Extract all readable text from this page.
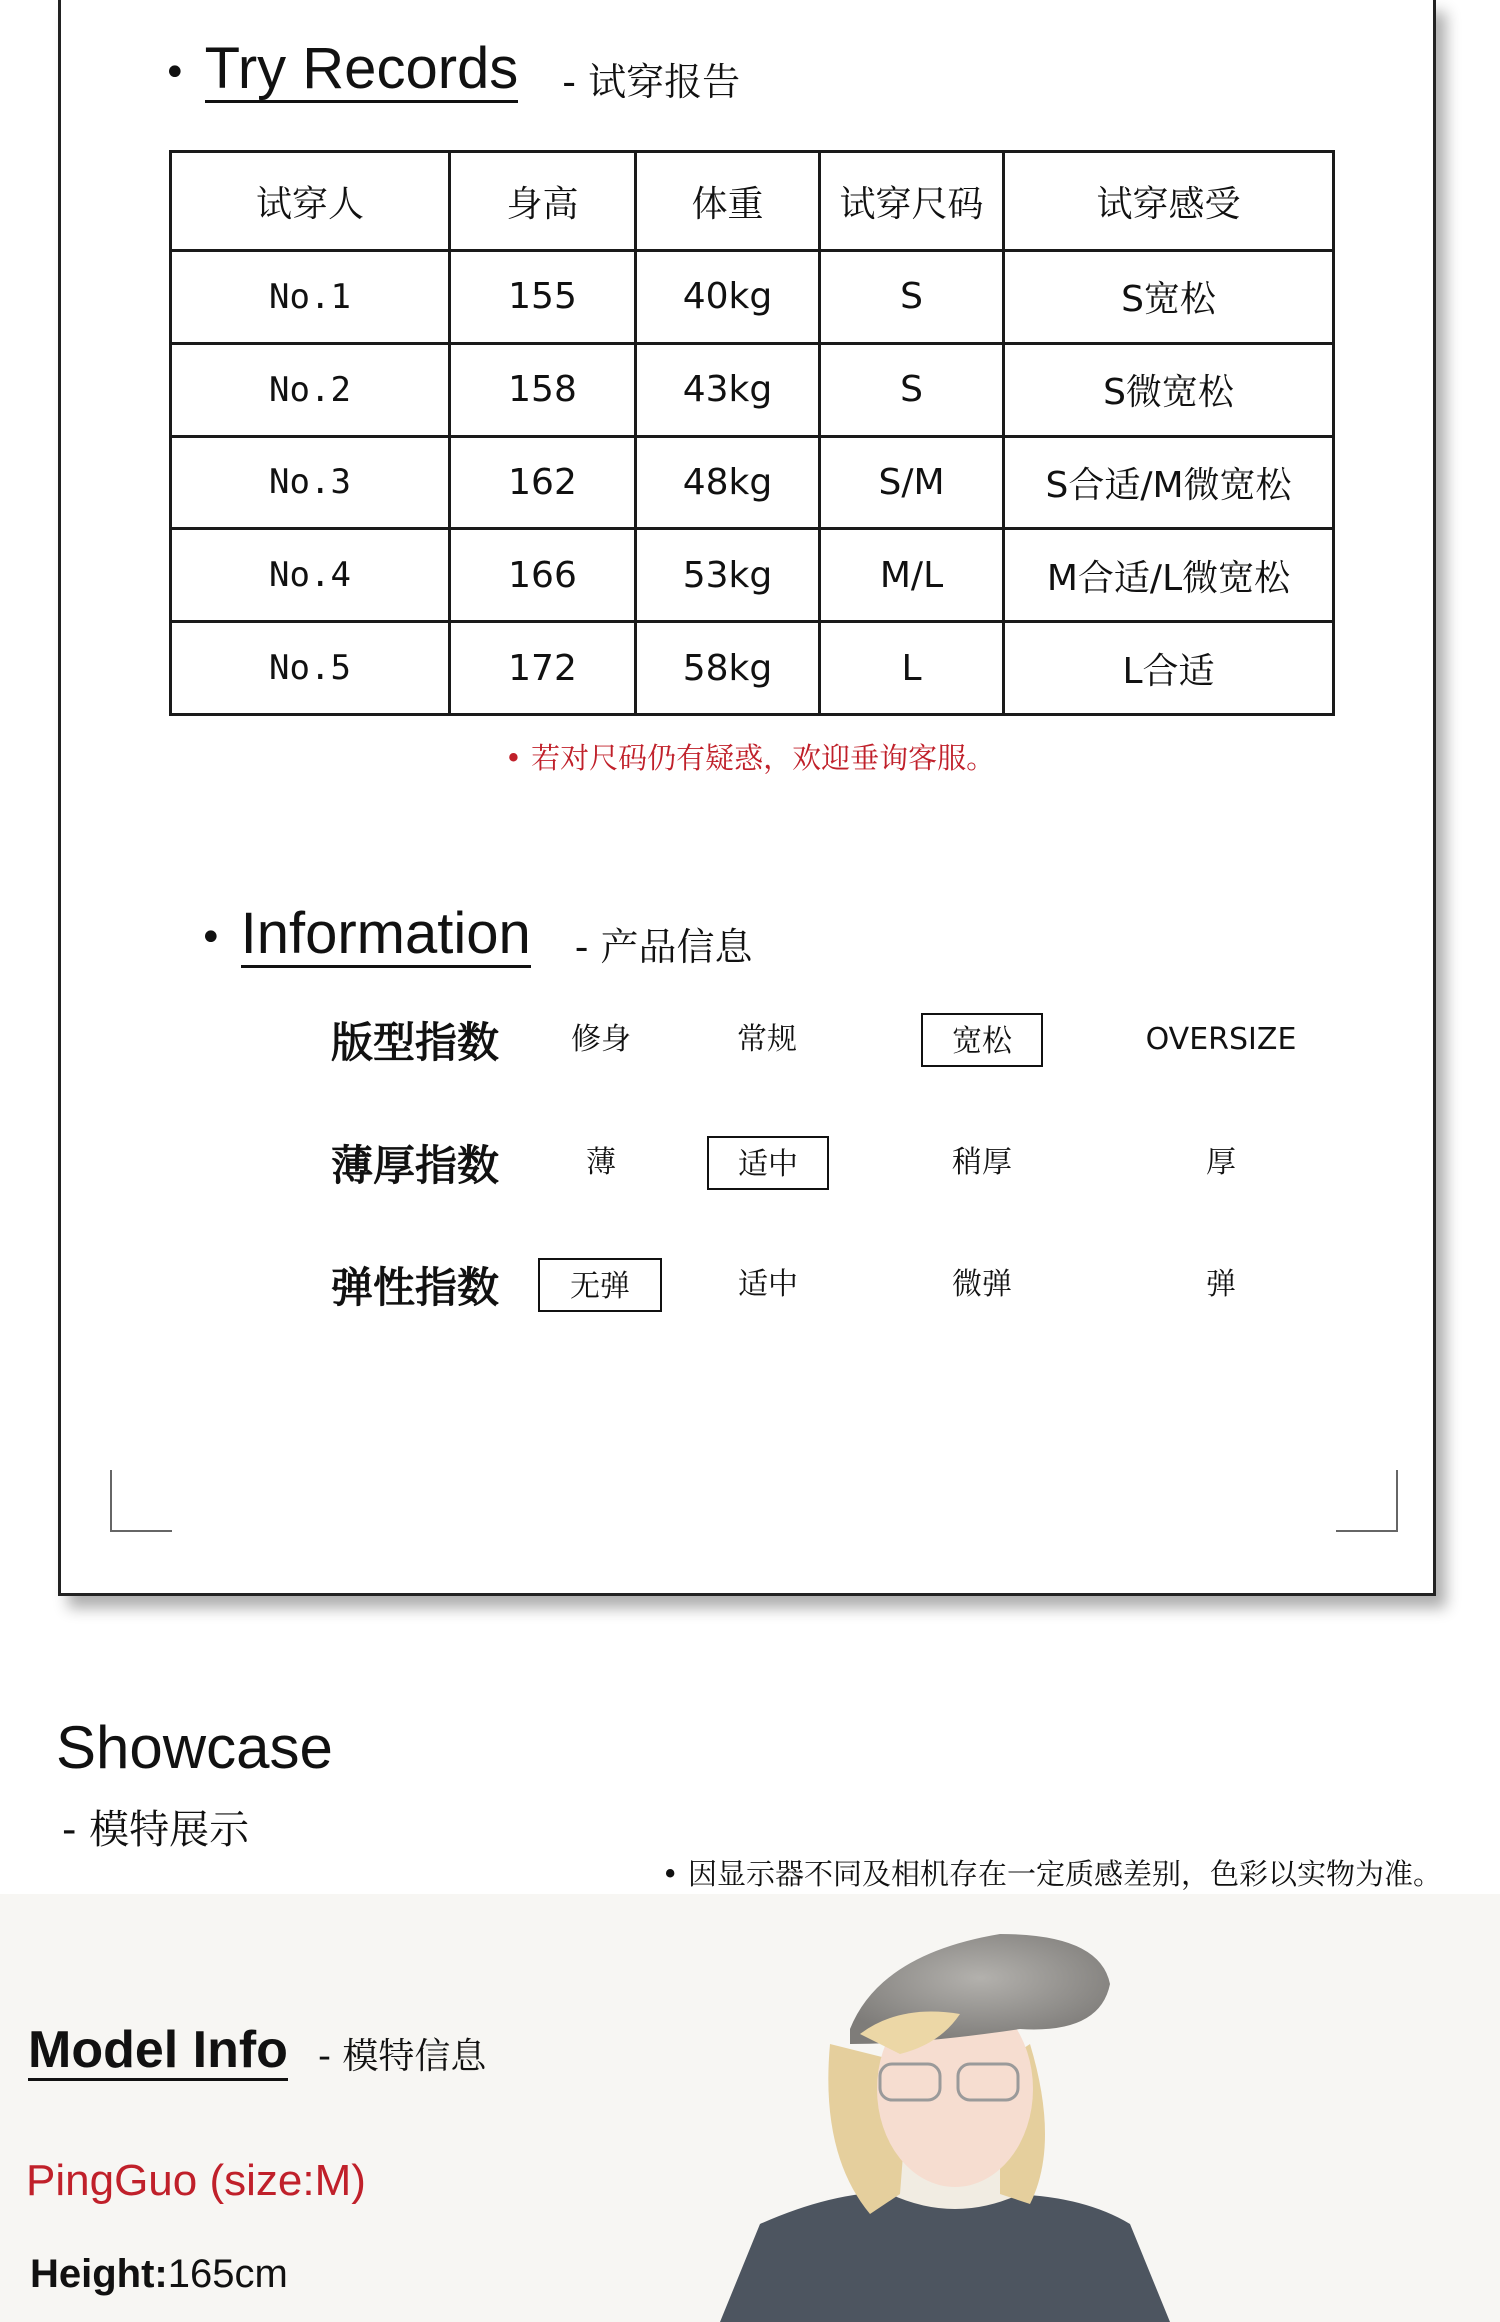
• Try Records - 试穿报告
试穿人	身高	体重	试穿尺码	试穿感受
No.1	155	40kg	S	S宽松
No.2	158	43kg	S	S微宽松
No.3	162	48kg	S/M	S合适/M微宽松
No.4	166	53kg	M/L	M合适/L微宽松
No.5	172	58kg	L	L合适
• Information - 产品信息
版型指数	修身	常规	宽松	OVERSIZE
薄厚指数	薄	适中	稍厚	厚
弹性指数	无弹	适中	微弹	弹
• 若对尺码仍有疑惑，欢迎垂询客服。
Showcase
- 模特展示
• 因显示器不同及相机存在一定质感差别，色彩以实物为准。
Model Info - 模特信息
PingGuo (size:M)
Height:165cm
